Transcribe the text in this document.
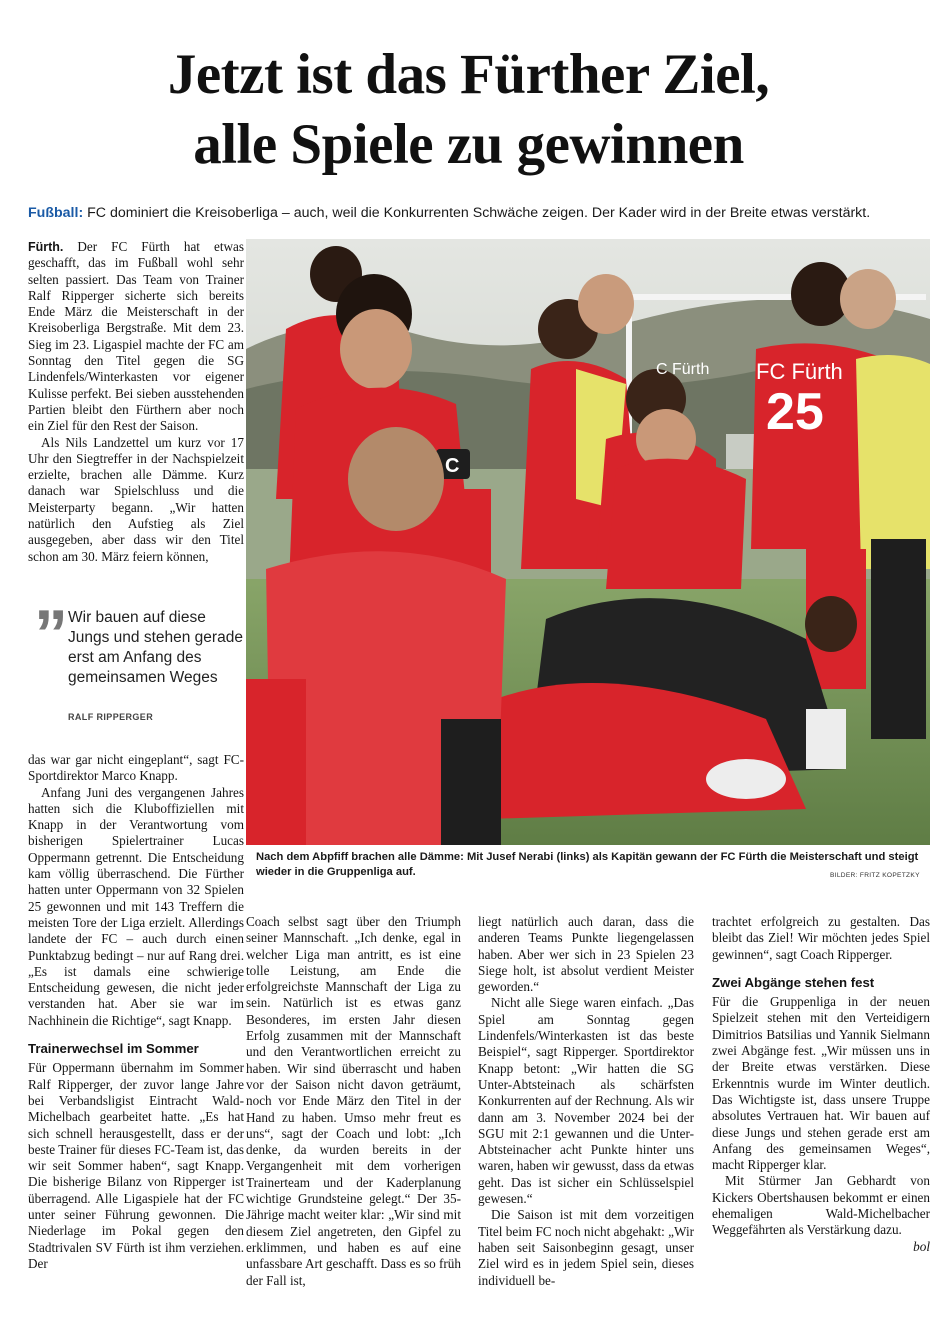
Jetzt ist das Fürther Ziel,
alle Spiele zu gewinnen
Fußball: FC dominiert die Kreisoberliga – auch, weil die Konkurrenten Schwäche zeigen. Der Kader wird in der Breite etwas verstärkt.

Fürth. Der FC Fürth hat etwas geschafft, das im Fußball wohl sehr selten passiert. Das Team von Trainer Ralf Ripperger sicherte sich bereits Ende März die Meisterschaft in der Kreisoberliga Bergstraße. Mit dem 23. Sieg im 23. Ligaspiel machte der FC am Sonntag den Titel gegen die SG Lindenfels/Winterkasten vor eigener Kulisse perfekt. Bei sieben ausstehenden Partien bleibt den Fürthern aber noch ein Ziel für den Rest der Saison.

Als Nils Landzettel um kurz vor 17 Uhr den Siegtreffer in der Nachspielzeit erzielte, brachen alle Dämme. Kurz danach war Spielschluss und die Meisterparty begann. „Wir hatten natürlich den Aufstieg als Ziel ausgegeben, aber dass wir den Titel schon am 30. März feiern können,

” Wir bauen auf diese Jungs und stehen gerade erst am Anfang des gemeinsamen Weges
RALF RIPPERGER

das war gar nicht eingeplant“, sagt FC-Sportdirektor Marco Knapp.

Anfang Juni des vergangenen Jahres hatten sich die Kluboffiziellen mit Knapp in der Verantwortung vom bisherigen Spielertrainer Lucas Oppermann getrennt. Die Entscheidung kam völlig überraschend. Die Fürther hatten unter Oppermann von 32 Spielen 25 gewonnen und mit 143 Treffern die meisten Tore der Liga erzielt. Allerdings landete der FC – auch durch einen Punktabzug bedingt – nur auf Rang drei. „Es ist damals eine schwierige Entscheidung gewesen, die nicht jeder verstanden hat. Aber sie war im Nachhinein die Richtige“, sagt Knapp.

Trainerwechsel im Sommer

Für Oppermann übernahm im Sommer Ralf Ripperger, der zuvor lange Jahre bei Verbandsligist Eintracht Wald-Michelbach gearbeitet hatte. „Es hat sich schnell herausgestellt, dass er der beste Trainer für dieses FC-Team ist, das wir seit Sommer haben“, sagt Knapp. Die bisherige Bilanz von Ripperger ist überragend. Alle Ligaspiele hat der FC unter seiner Führung gewonnen. Die Niederlage im Pokal gegen den Stadtrivalen SV Fürth ist ihm verziehen. Der

Coach selbst sagt über den Triumph seiner Mannschaft. „Ich denke, egal in welcher Liga man antritt, es ist eine tolle Leistung, am Ende die erfolgreichste Mannschaft der Liga zu sein. Natürlich ist es etwas ganz Besonderes, im ersten Jahr diesen Erfolg zusammen mit der Mannschaft und den Verantwortlichen erreicht zu haben. Wir sind überrascht und haben vor der Saison nicht davon geträumt, noch vor Ende März den Titel in der Hand zu haben. Umso mehr freut es uns“, sagt der Coach und lobt: „Ich denke, da wurden bereits in der Vergangenheit mit dem vorherigen Trainerteam und der Kaderplanung wichtige Grundsteine gelegt.“ Der 35-Jährige macht weiter klar: „Wir sind mit diesem Ziel angetreten, den Gipfel zu erklimmen, und haben es auf eine unfassbare Art geschafft. Dass es so früh der Fall ist,

liegt natürlich auch daran, dass die anderen Teams Punkte liegengelassen haben. Aber wer sich in 23 Spielen 23 Siege holt, ist absolut verdient Meister geworden.“

Nicht alle Siege waren einfach. „Das Spiel am Sonntag gegen Lindenfels/Winterkasten ist das beste Beispiel“, sagt Ripperger. Sportdirektor Knapp betont: „Wir hatten die SG Unter-Abtsteinach als schärfsten Konkurrenten auf der Rechnung. Als wir dann am 3. November 2024 bei der SGU mit 2:1 gewannen und die Unter-Abtsteinacher acht Punkte hinter uns waren, haben wir gewusst, dass da etwas geht. Das ist sicher ein Schlüsselspiel gewesen.“

Die Saison ist mit dem vorzeitigen Titel beim FC noch nicht abgehakt: „Wir haben seit Saisonbeginn gesagt, unser Ziel wird es in jedem Spiel sein, dieses individuell be-

trachtet erfolgreich zu gestalten. Das bleibt das Ziel! Wir möchten jedes Spiel gewinnen“, sagt Coach Ripperger.

Zwei Abgänge stehen fest

Für die Gruppenliga in der neuen Spielzeit stehen mit den Verteidigern Dimitrios Batsilias und Yannik Sielmann zwei Abgänge fest. „Wir müssen uns in der Breite etwas verstärken. Diese Erkenntnis wurde im Winter deutlich. Das Wichtigste ist, dass unsere Truppe absolutes Vertrauen hat. Wir bauen auf diese Jungs und stehen gerade erst am Anfang des gemeinsamen Weges“, macht Ripperger klar.

Mit Stürmer Jan Gebhardt von Kickers Obertshausen bekommt er einen ehemaligen Wald-Michelbacher Weggefährten als Verstärkung dazu.
bol

FC Fürth
25
C Fürth
C
Nach dem Abpfiff brachen alle Dämme: Mit Jusef Nerabi (links) als Kapitän gewann der FC Fürth die Meisterschaft und steigt wieder in die Gruppenliga auf.	BILDER: FRITZ KOPETZKY
